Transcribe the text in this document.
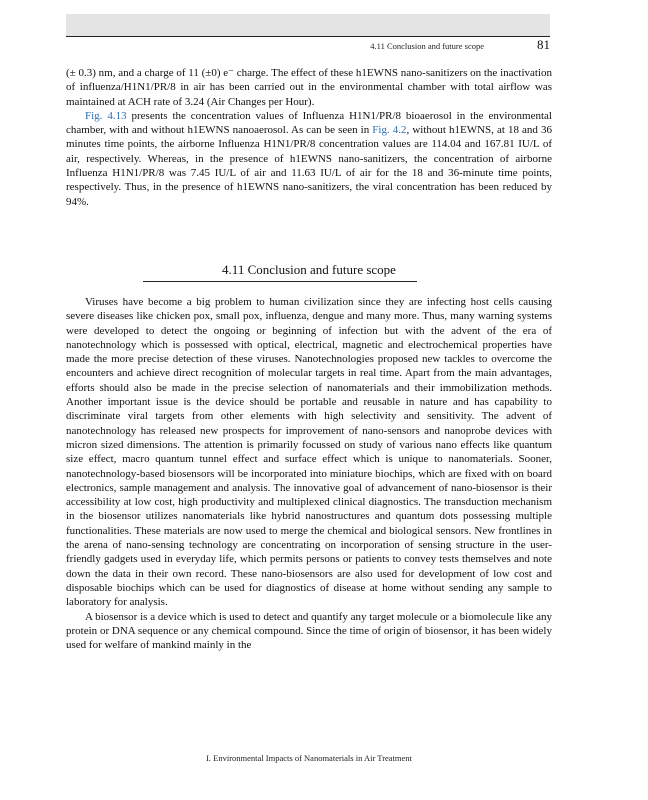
4.11 Conclusion and future scope	81

(± 0.3) nm, and a charge of 11 (±0) e⁻ charge. The effect of these h1EWNS nano-sanitizers on the inactivation of influenza/H1N1/PR/8 in air has been carried out in the environmental chamber with total airflow was maintained at ACH rate of 3.24 (Air Changes per Hour).

Fig. 4.13 presents the concentration values of Influenza H1N1/PR/8 bioaerosol in the environmental chamber, with and without h1EWNS nanoaerosol. As can be seen in Fig. 4.2, without h1EWNS, at 18 and 36 minutes time points, the airborne Influenza H1N1/PR/8 concentration values are 114.04 and 167.81 IU/L of air, respectively. Whereas, in the presence of h1EWNS nano-sanitizers, the concentration of airborne Influenza H1N1/PR/8 was 7.45 IU/L of air and 11.63 IU/L of air for the 18 and 36-minute time points, respectively. Thus, in the presence of h1EWNS nano-sanitizers, the viral concentration has been reduced by 94%.

4.11 Conclusion and future scope

Viruses have become a big problem to human civilization since they are infecting host cells causing severe diseases like chicken pox, small pox, influenza, dengue and many more. Thus, many warning systems were developed to detect the ongoing or beginning of infection but with the advent of the era of nanotechnology which is possessed with optical, electrical, magnetic and electrochemical properties have made the more precise detection of these viruses. Nanotechnologies proposed new tackles to overcome the encounters and achieve direct recognition of molecular targets in real time. Apart from the main advantages, efforts should also be made in the precise selection of nanomaterials and their immobilization methods. Another important issue is the device should be portable and reusable in nature and has capability to discriminate viral targets from other elements with high selectivity and sensitivity. The advent of nanotechnology has released new prospects for improvement of nano-sensors and nanoprobe devices with micron sized dimensions. The attention is primarily focussed on study of various nano effects like quantum size effect, macro quantum tunnel effect and surface effect which is unique to nanomaterials. Sooner, nanotechnology-based biosensors will be incorporated into miniature biochips, which are fixed with on board electronics, sample management and analysis. The innovative goal of advancement of nano-biosensor is their accessibility at low cost, high productivity and multiplexed clinical diagnostics. The transduction mechanism in the biosensor utilizes nanomaterials like hybrid nanostructures and quantum dots possessing multiple functionalities. These materials are now used to merge the chemical and biological sensors. New frontlines in the arena of nano-sensing technology are concentrating on incorporation of sensing structure in the user-friendly gadgets used in everyday life, which permits persons or patients to convey tests themselves and note down the data in their own record. These nano-biosensors are also used for development of low cost and disposable biochips which can be used for diagnostics of disease at home without sending any sample to laboratory for analysis.

A biosensor is a device which is used to detect and quantify any target molecule or a biomolecule like any protein or DNA sequence or any chemical compound. Since the time of origin of biosensor, it has been widely used for welfare of mankind mainly in the

I. Environmental Impacts of Nanomaterials in Air Treatment
